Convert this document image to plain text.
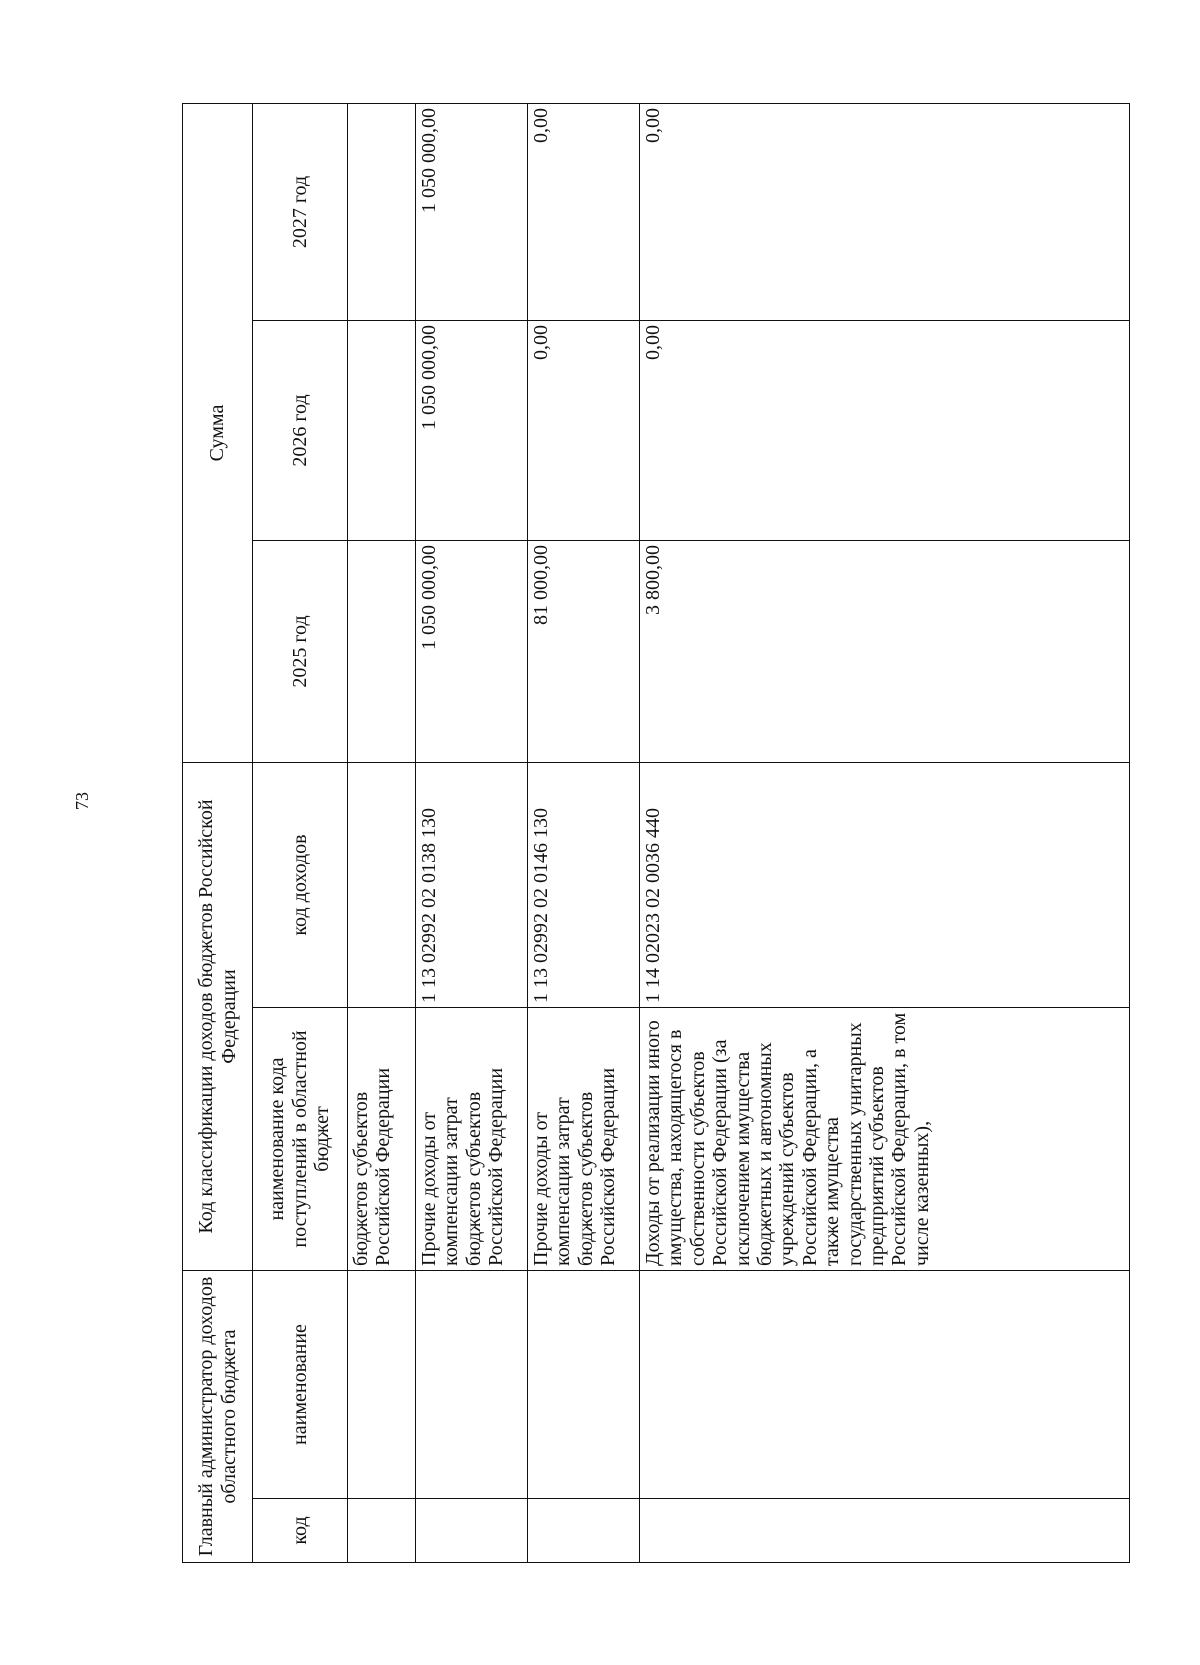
73
Главный администратор доходов областного бюджета		Код классификации доходов бюджетов Российской Федерации		Сумма		
код	наименование	наименование кода поступлений в областной бюджет	код доходов	2025 год	2026 год	2027 год
		бюджетов субъектов Российской Федерации				
		Прочие доходы от компенсации затрат бюджетов субъектов Российской Федерации	1 13 02992 02 0138 130	1 050 000,00	1 050 000,00	1 050 000,00
		Прочие доходы от компенсации затрат бюджетов субъектов Российской Федерации	1 13 02992 02 0146 130	81 000,00	0,00	0,00
		Доходы от реализации иного имущества, находящегося в собственности субъектов Российской Федерации (за исключением имущества бюджетных и автономных учреждений субъектов Российской Федерации, а также имущества государственных унитарных предприятий субъектов Российской Федерации, в том числе казенных),	1 14 02023 02 0036 440	3 800,00	0,00	0,00
